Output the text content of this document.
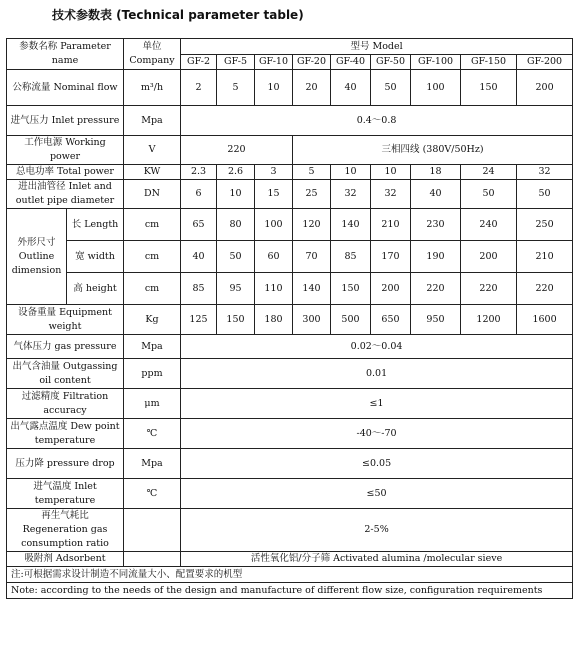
技术参数表 (Technical parameter table)
参数名称 Parameter name		单位 Company	型号 Model								
			GF-2	GF-5	GF-10	GF-20	GF-40	GF-50	GF-100	GF-150	GF-200
公称流量 Nominal flow		m³/h	2	5	10	20	40	50	100	150	200
进气压力 Inlet pressure		Mpa	0.4～0.8								
工作电源 Working power		V	220			三相四线 (380V/50Hz)					
总电功率 Total power		KW	2.3	2.6	3	5	10	10	18	24	32
进出油管径 Inlet and outlet pipe diameter		DN	6	10	15	25	32	32	40	50	50
外形尺寸 Outline dimension	长 Length	cm	65	80	100	120	140	210	230	240	250
	宽 width	cm	40	50	60	70	85	170	190	200	210
	高 height	cm	85	95	110	140	150	200	220	220	220
设备重量 Equipment weight		Kg	125	150	180	300	500	650	950	1200	1600
气体压力 gas pressure		Mpa	0.02～0.04								
出气含油量 Outgassing oil content		ppm	0.01								
过滤精度 Filtration accuracy		μm	≤1								
出气露点温度 Dew point temperature		℃	-40～-70								
压力降 pressure drop		Mpa	≤0.05								
进气温度 Inlet temperature		℃	≤50								
再生气耗比 Regeneration gas consumption ratio			2-5%								
吸附剂 Adsorbent			活性氧化铝/分子筛 Activated alumina /molecular sieve								
注:可根据需求设计制造不同流量大小、配置要求的机型											
Note: according to the needs of the design and manufacture of different flow size, configuration requirements											
